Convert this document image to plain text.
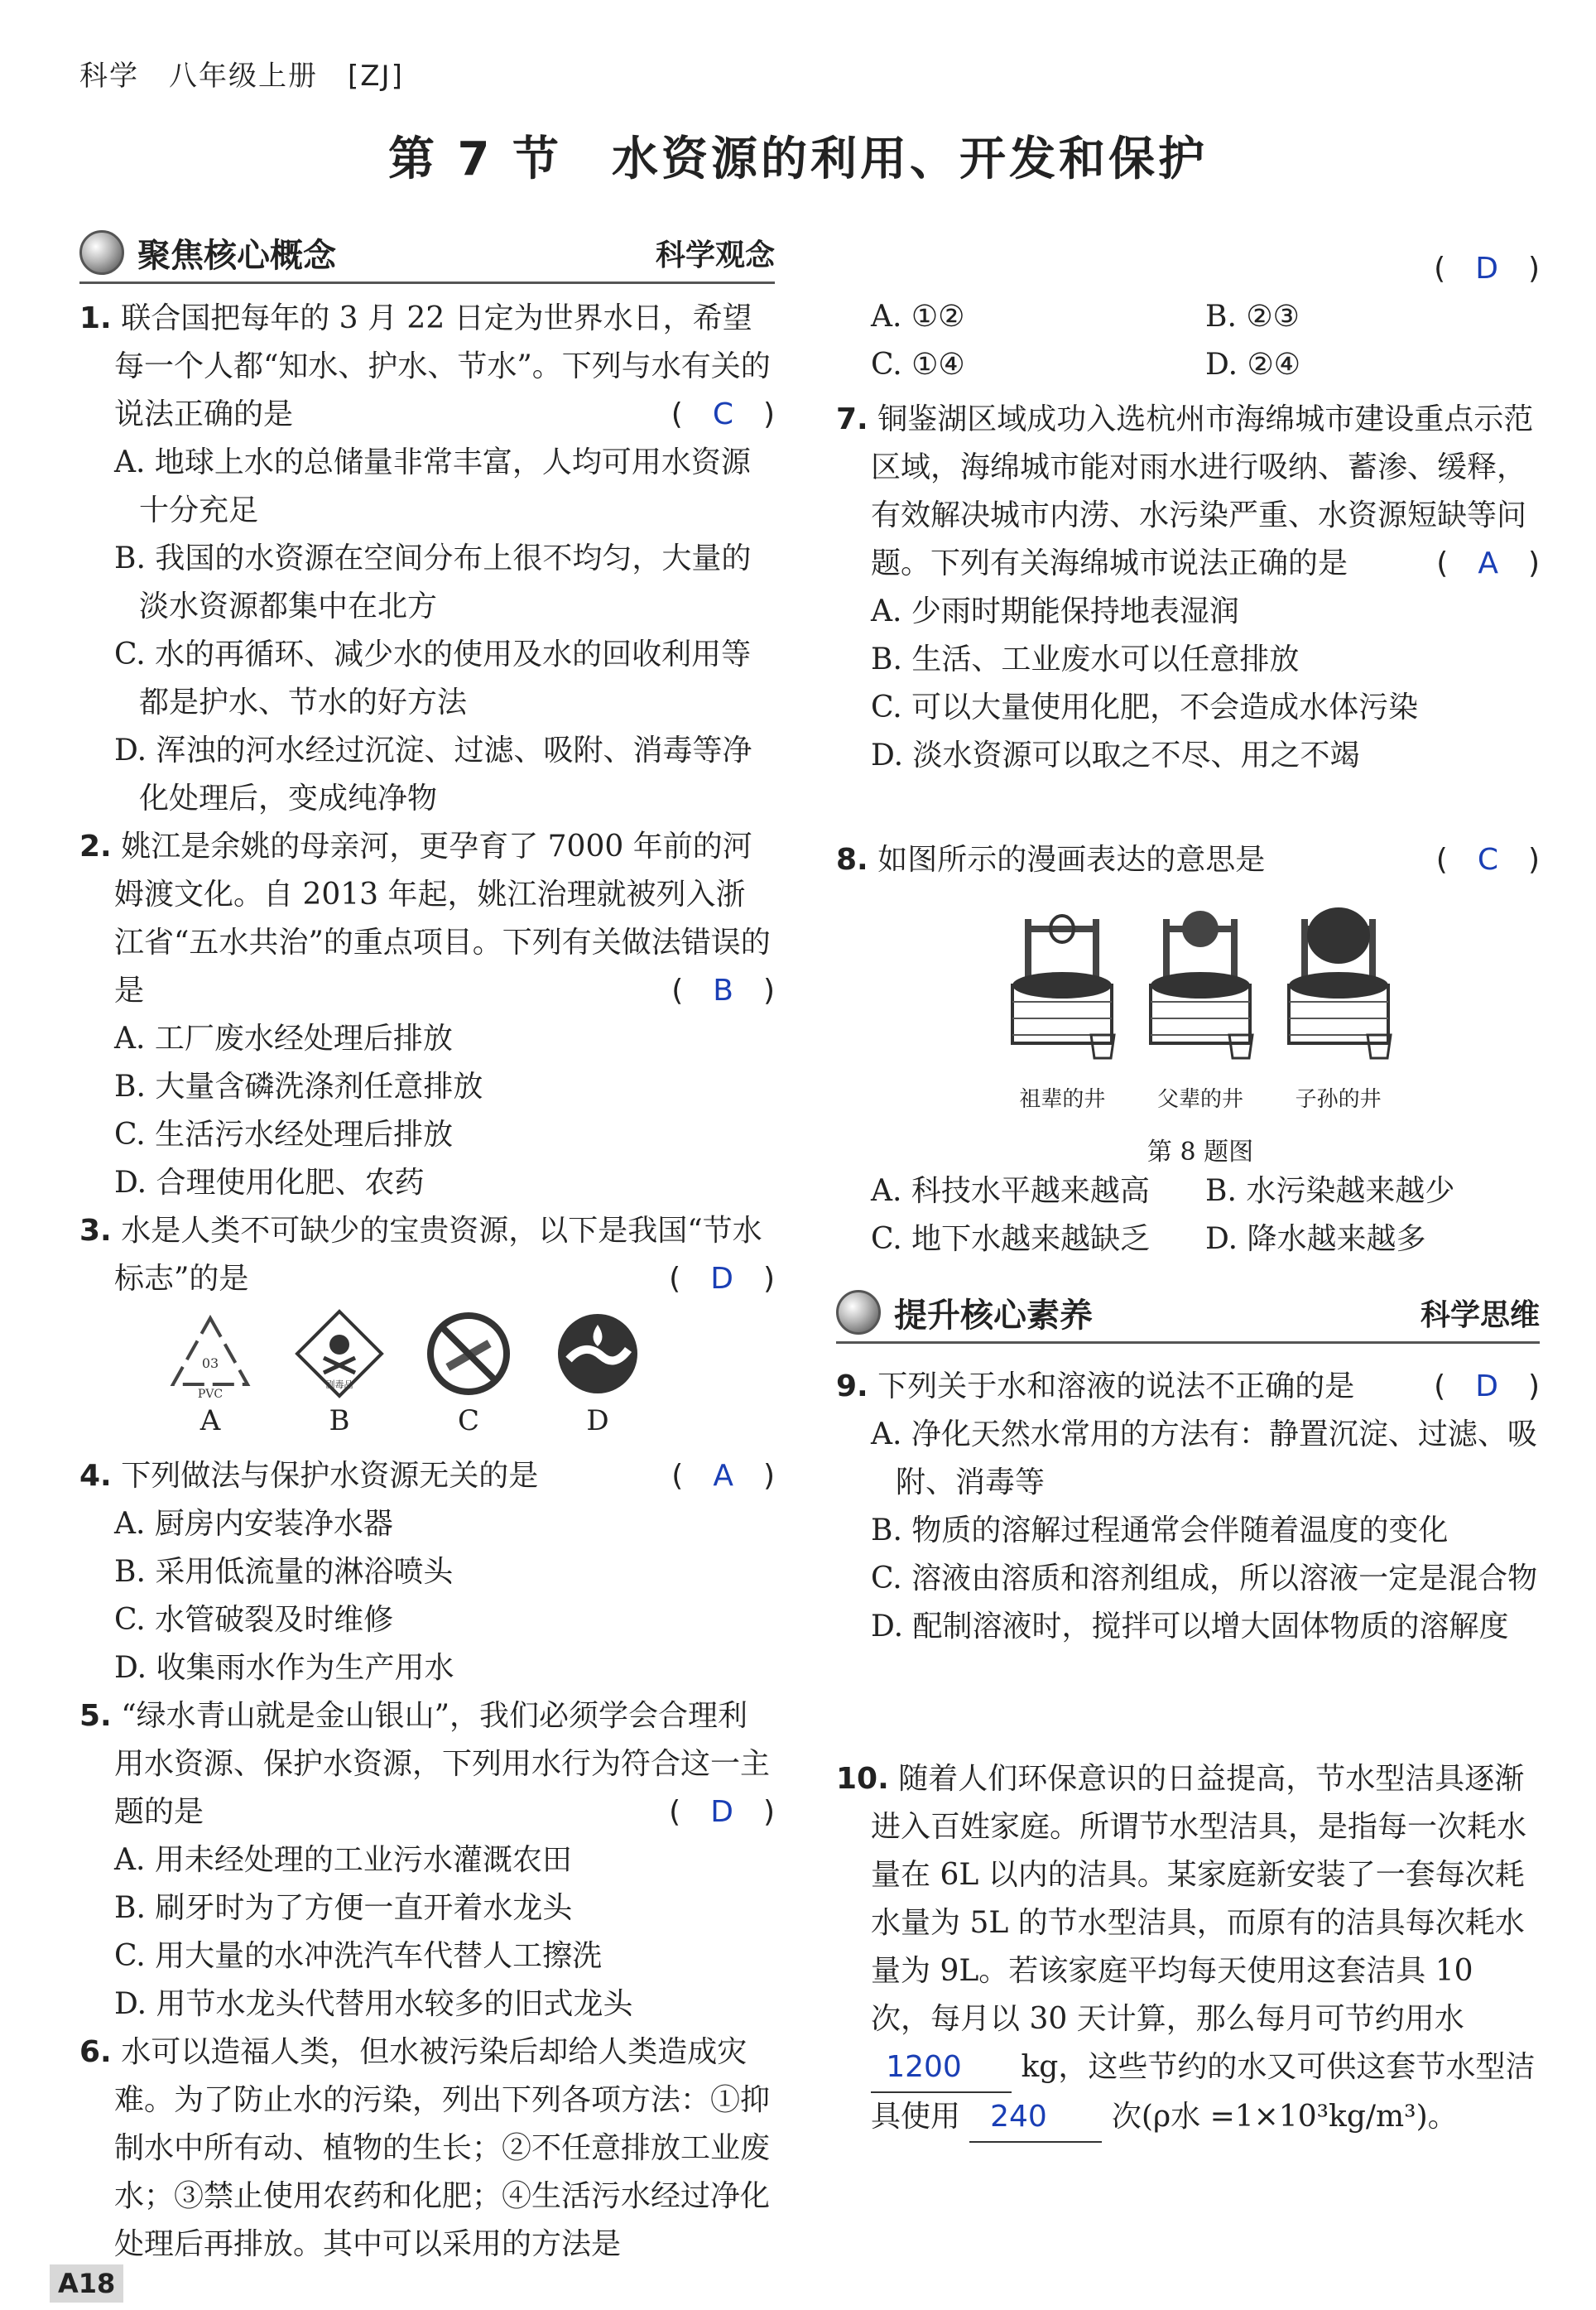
科学　八年级上册　[ZJ]
第 7 节　水资源的利用、开发和保护
聚焦核心概念	科学观念
1. 联合国把每年的 3 月 22 日定为世界水日，希望每一个人都“知水、护水、节水”。下列与水有关的说法正确的是	(　C　)
A. 地球上水的总储量非常丰富，人均可用水资源十分充足
B. 我国的水资源在空间分布上很不均匀，大量的淡水资源都集中在北方
C. 水的再循环、减少水的使用及水的回收利用等都是护水、节水的好方法
D. 浑浊的河水经过沉淀、过滤、吸附、消毒等净化处理后，变成纯净物
2. 姚江是余姚的母亲河，更孕育了 7000 年前的河姆渡文化。自 2013 年起，姚江治理就被列入浙江省“五水共治”的重点项目。下列有关做法错误的是	(　B　)
A. 工厂废水经处理后排放
B. 大量含磷洗涤剂任意排放
C. 生活污水经处理后排放
D. 合理使用化肥、农药
3. 水是人类不可缺少的宝贵资源，以下是我国“节水标志”的是	(　D　)
03
PVC
A
剧毒品
B	C	D
4. 下列做法与保护水资源无关的是	(　A　)
A. 厨房内安装净水器
B. 采用低流量的淋浴喷头
C. 水管破裂及时维修
D. 收集雨水作为生产用水
5. “绿水青山就是金山银山”，我们必须学会合理利用水资源、保护水资源，下列用水行为符合这一主题的是	(　D　)
A. 用未经处理的工业污水灌溉农田
B. 刷牙时为了方便一直开着水龙头
C. 用大量的水冲洗汽车代替人工擦洗
D. 用节水龙头代替用水较多的旧式龙头
6. 水可以造福人类，但水被污染后却给人类造成灾难。为了防止水的污染，列出下列各项方法：①抑制水中所有动、植物的生长；②不任意排放工业废水；③禁止使用农药和化肥；④生活污水经过净化处理后再排放。其中可以采用的方法是
(　D　)

A. ①②	B. ②③
C. ①④	D. ②④
7. 铜鉴湖区域成功入选杭州市海绵城市建设重点示范区域，海绵城市能对雨水进行吸纳、蓄渗、缓释，有效解决城市内涝、水污染严重、水资源短缺等问题。下列有关海绵城市说法正确的是	(　A　)
A. 少雨时期能保持地表湿润
B. 生活、工业废水可以任意排放
C. 可以大量使用化肥，不会造成水体污染
D. 淡水资源可以取之不尽、用之不竭
8. 如图所示的漫画表达的意思是	(　C　)
祖辈的井	父辈的井	子孙的井
第 8 题图
A. 科技水平越来越高	B. 水污染越来越少
C. 地下水越来越缺乏	D. 降水越来越多
提升核心素养	科学思维
9. 下列关于水和溶液的说法不正确的是	(　D　)
A. 净化天然水常用的方法有：静置沉淀、过滤、吸附、消毒等
B. 物质的溶解过程通常会伴随着温度的变化
C. 溶液由溶质和溶剂组成，所以溶液一定是混合物
D. 配制溶液时，搅拌可以增大固体物质的溶解度
10. 随着人们环保意识的日益提高，节水型洁具逐渐进入百姓家庭。所谓节水型洁具，是指每一次耗水量在 6L 以内的洁具。某家庭新安装了一套每次耗水量为 5L 的节水型洁具，而原有的洁具每次耗水量为 9L。若该家庭平均每天使用这套洁具 10 次，每月以 30 天计算，那么每月可节约用水 1200 kg，这些节约的水又可供这套节水型洁具使用 240 次(ρ水 =1×10³kg/m³)。
A18
